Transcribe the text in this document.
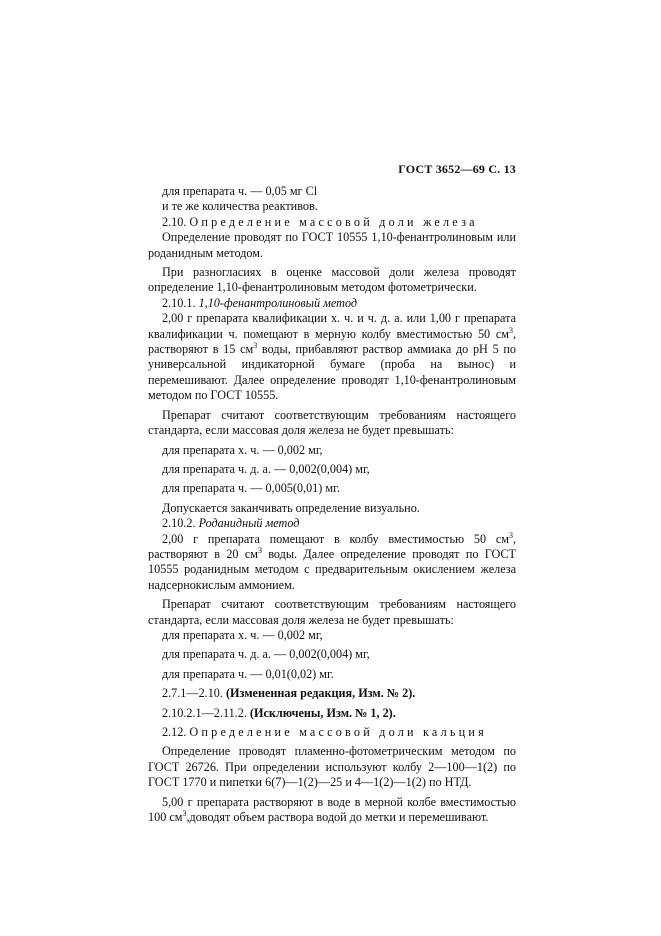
ГОСТ 3652—69 С. 13

для препарата ч. — 0,05 мг Cl

и те же количества реактивов.

2.10. Определение массовой доли железа

Определение проводят по ГОСТ 10555 1,10-фенантролиновым или роданидным методом.

При разногласиях в оценке массовой доли железа проводят определение 1,10-фенантролиновым методом фотометрически.

2.10.1. 1,10-фенантролиновый метод

2,00 г препарата квалификации х. ч. и ч. д. а. или 1,00 г препарата квалификации ч. помещают в мерную колбу вместимостью 50 $см^3$, растворяют в 15 $см^3$ воды, прибавляют раствор аммиака до pH 5 по универсальной индикаторной бумаге (проба на вынос) и перемешивают. Далее определение проводят 1,10-фенантролиновым методом по ГОСТ 10555.

Препарат считают соответствующим требованиям настоящего стандарта, если массовая доля железа не будет превышать:

для препарата х. ч. — 0,002 мг,

для препарата ч. д. а. — 0,002(0,004) мг,

для препарата ч. — 0,005(0,01) мг.

Допускается заканчивать определение визуально.

2.10.2. Роданидный метод

2,00 г препарата помещают в колбу вместимостью 50 $см^3$, растворяют в 20 $см^3$ воды. Далее определение проводят по ГОСТ 10555 роданидным методом с предварительным окислением железа надсернокислым аммонием.

Препарат считают соответствующим требованиям настоящего стандарта, если массовая доля железа не будет превышать:

для препарата х. ч. — 0,002 мг,

для препарата ч. д. а. — 0,002(0,004) мг,

для препарата ч. — 0,01(0,02) мг.

2.7.1—2.10. (Измененная редакция, Изм. № 2).

2.10.2.1—2.11.2. (Исключены, Изм. № 1, 2).

2.12. Определение массовой доли кальция

Определение проводят пламенно-фотометрическим методом по ГОСТ 26726. При определении используют колбу 2—100—1(2) по ГОСТ 1770 и пипетки 6(7)—1(2)—25 и 4—1(2)—1(2) по НТД.

5,00 г препарата растворяют в воде в мерной колбе вместимостью 100 $см^3,доводят$ объем раствора водой до метки и перемешивают.
